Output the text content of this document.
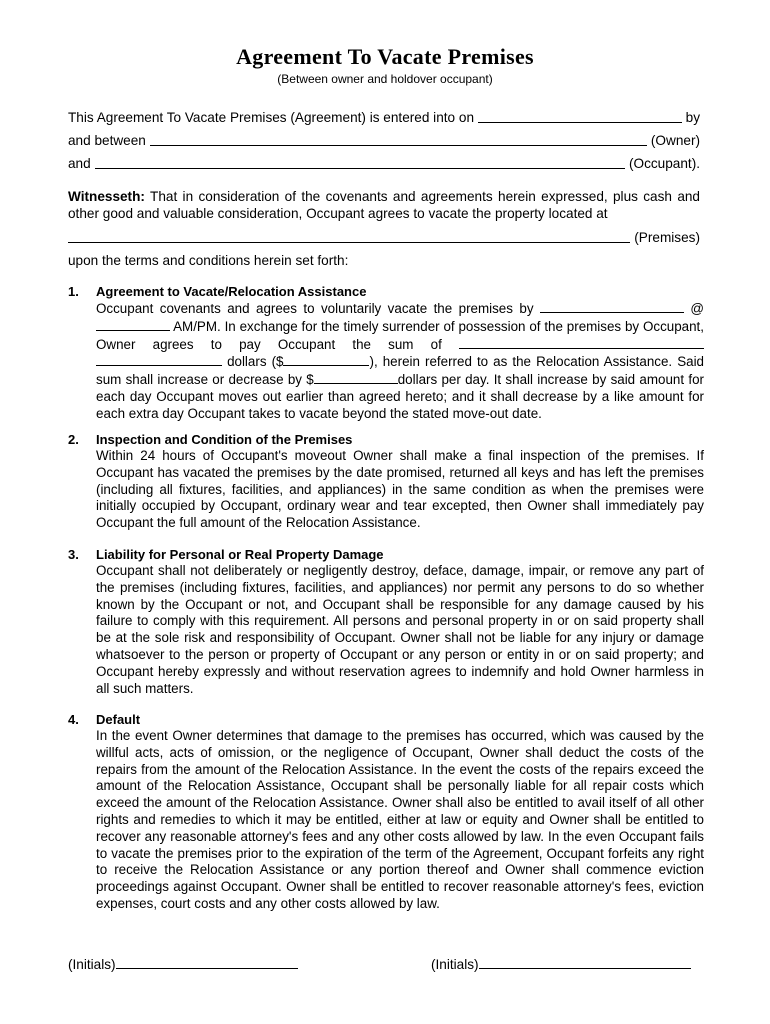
Agreement To Vacate Premises
(Between owner and holdover occupant)
This Agreement To Vacate Premises (Agreement) is entered into on	by
and between	(Owner)
and	(Occupant).
Witnesseth: That in consideration of the covenants and agreements herein expressed, plus cash and other good and valuable consideration, Occupant agrees to vacate the property located at
(Premises)
upon the terms and conditions herein set forth:
1. Agreement to Vacate/Relocation Assistance
Occupant covenants and agrees to voluntarily vacate the premises by	@ AM/PM. In exchange for the timely surrender of possession of the premises by Occupant, Owner agrees to pay Occupant the sum of   dollars ($	), herein referred to as the Relocation Assistance. Said sum shall increase or decrease by $	dollars per day. It shall increase by said amount for each day Occupant moves out earlier than agreed hereto; and it shall decrease by a like amount for each extra day Occupant takes to vacate beyond the stated move-out date.
2. Inspection and Condition of the Premises
Within 24 hours of Occupant's moveout Owner shall make a final inspection of the premises. If Occupant has vacated the premises by the date promised, returned all keys and has left the premises (including all fixtures, facilities, and appliances) in the same condition as when the premises were initially occupied by Occupant, ordinary wear and tear excepted, then Owner shall immediately pay Occupant the full amount of the Relocation Assistance.
3. Liability for Personal or Real Property Damage
Occupant shall not deliberately or negligently destroy, deface, damage, impair, or remove any part of the premises (including fixtures, facilities, and appliances) nor permit any persons to do so whether known by the Occupant or not, and Occupant shall be responsible for any damage caused by his failure to comply with this requirement. All persons and personal property in or on said property shall be at the sole risk and responsibility of Occupant. Owner shall not be liable for any injury or damage whatsoever to the person or property of Occupant or any person or entity in or on said property; and Occupant hereby expressly and without reservation agrees to indemnify and hold Owner harmless in all such matters.
4. Default
In the event Owner determines that damage to the premises has occurred, which was caused by the willful acts, acts of omission, or the negligence of Occupant, Owner shall deduct the costs of the repairs from the amount of the Relocation Assistance. In the event the costs of the repairs exceed the amount of the Relocation Assistance, Occupant shall be personally liable for all repair costs which exceed the amount of the Relocation Assistance. Owner shall also be entitled to avail itself of all other rights and remedies to which it may be entitled, either at law or equity and Owner shall be entitled to recover any reasonable attorney's fees and any other costs allowed by law. In the even Occupant fails to vacate the premises prior to the expiration of the term of the Agreement, Occupant forfeits any right to receive the Relocation Assistance or any portion thereof and Owner shall commence eviction proceedings against Occupant. Owner shall be entitled to recover reasonable attorney's fees, eviction expenses, court costs and any other costs allowed by law.
(Initials)	(Initials)
